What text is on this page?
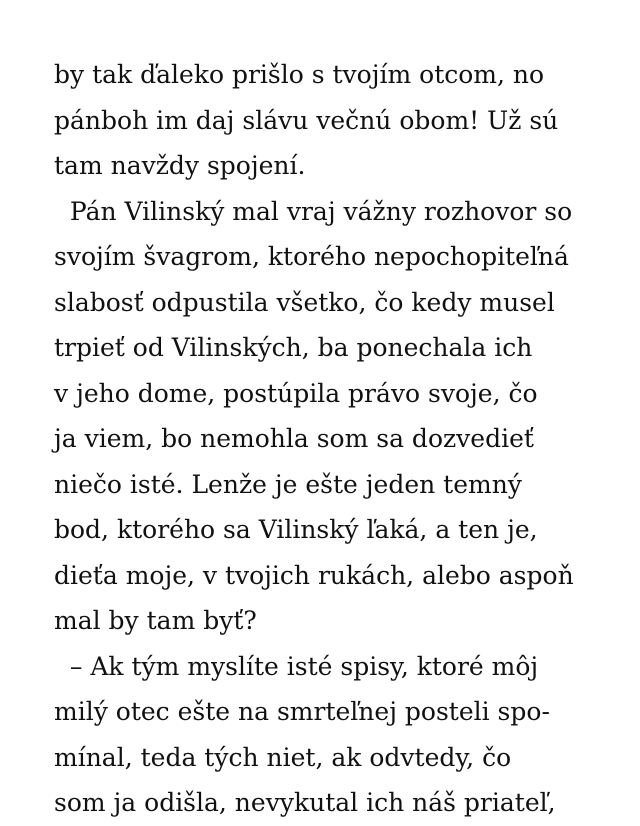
by tak ďaleko prišlo s tvojím otcom, no
pánboh im daj slávu večnú obom! Už sú
tam navždy spojení.
Pán Vilinský mal vraj vážny rozhovor so
svojím švagrom, ktorého nepochopiteľná
slabosť odpustila všetko, čo kedy musel
trpieť od Vilinských, ba ponechala ich
v jeho dome, postúpila právo svoje, čo
ja viem, bo nemohla som sa dozvedieť
niečo isté. Lenže je ešte jeden temný
bod, ktorého sa Vilinský ľaká, a ten je,
dieťa moje, v tvojich rukách, alebo aspoň
mal by tam byť?
– Ak tým myslíte isté spisy, ktoré môj
milý otec ešte na smrteľnej posteli spo-
mínal, teda tých niet, ak odvtedy, čo
som ja odišla, nevykutal ich náš priateľ,
